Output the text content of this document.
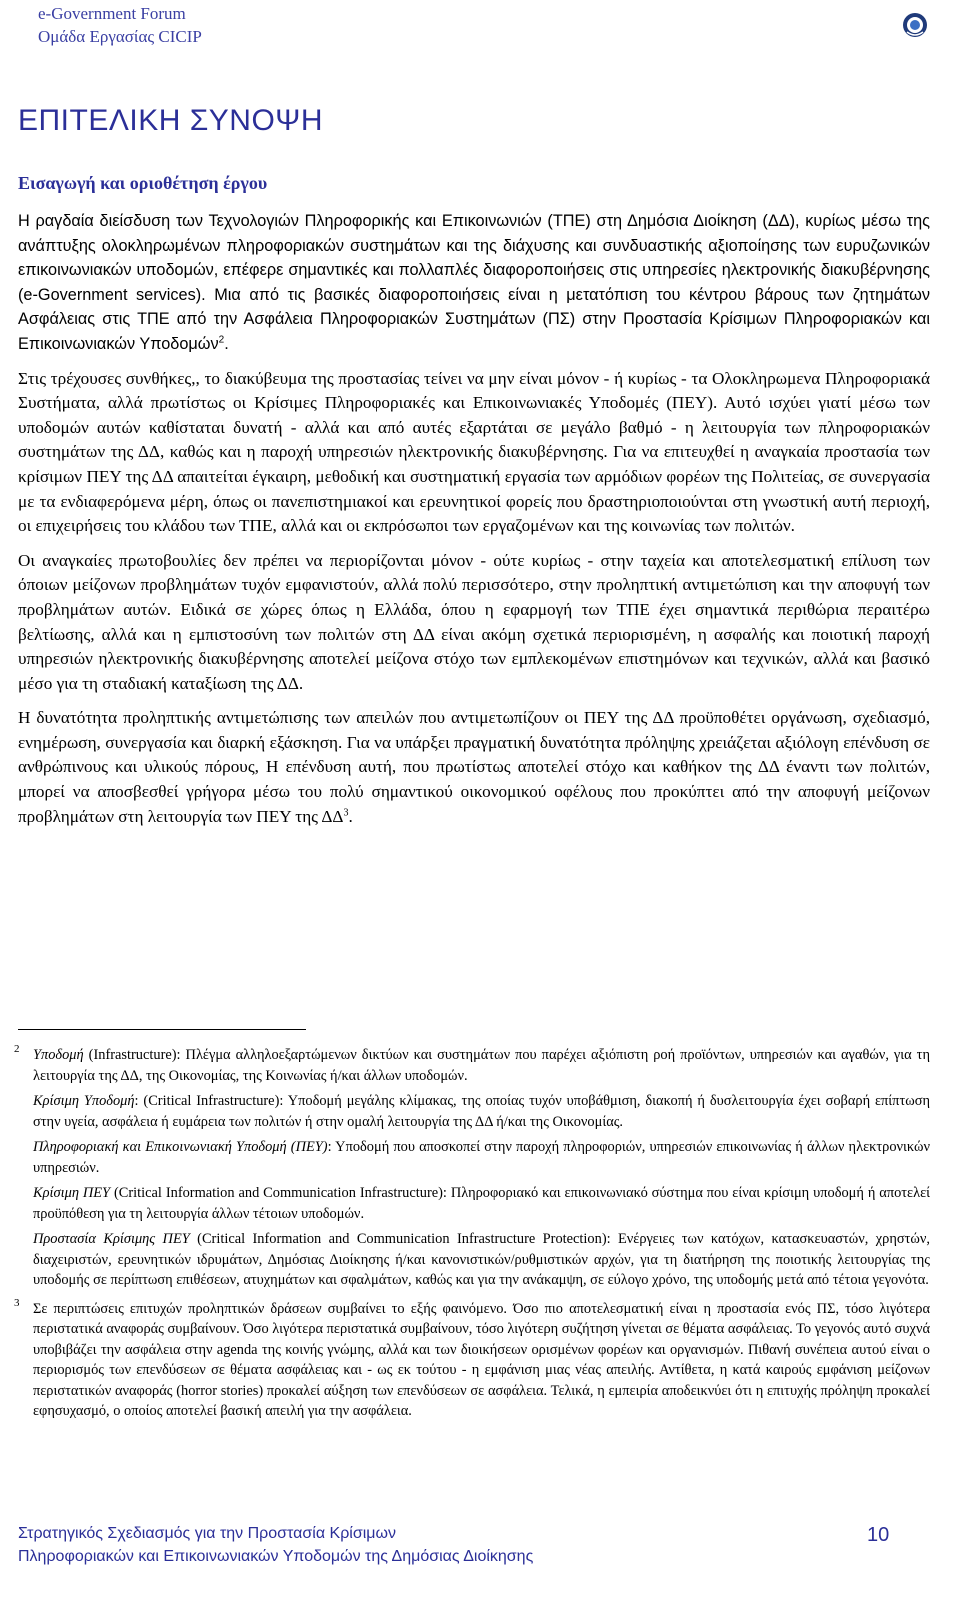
e-Government Forum
Ομάδα Εργασίας CICIP
ΕΠΙΤΕΛΙΚΗ ΣΥΝΟΨΗ
Εισαγωγή και οριοθέτηση έργου

Η ραγδαία διείσδυση των Τεχνολογιών Πληροφορικής και Επικοινωνιών (ΤΠΕ) στη Δημόσια Διοίκηση (ΔΔ), κυρίως μέσω της ανάπτυξης ολοκληρωμένων πληροφοριακών συστημάτων και της διάχυσης και συνδυαστικής αξιοποίησης των ευρυζωνικών επικοινωνιακών υποδομών, επέφερε σημαντικές και πολλαπλές διαφοροποιήσεις στις υπηρεσίες ηλεκτρονικής διακυβέρνησης (e-Government services). Μια από τις βασικές διαφοροποιήσεις είναι η μετατόπιση του κέντρου βάρους των ζητημάτων Ασφάλειας στις ΤΠΕ από την Ασφάλεια Πληροφοριακών Συστημάτων (ΠΣ) στην Προστασία Κρίσιμων Πληροφοριακών και Επικοινωνιακών Υποδομών$^2$.

Στις τρέχουσες συνθήκες,, το διακύβευμα της προστασίας τείνει να μην είναι μόνον - ή κυρίως - τα Ολοκληρωμενα Πληροφοριακά Συστήματα, αλλά πρωτίστως οι Κρίσιμες Πληροφοριακές και Επικοινωνιακές Υποδομές (ΠΕΥ). Αυτό ισχύει γιατί μέσω των υποδομών αυτών καθίσταται δυνατή - αλλά και από αυτές εξαρτάται σε μεγάλο βαθμό - η λειτουργία των πληροφοριακών συστημάτων της ΔΔ, καθώς και η παροχή υπηρεσιών ηλεκτρονικής διακυβέρνησης. Για να επιτευχθεί η αναγκαία προστασία των κρίσιμων ΠΕΥ της ΔΔ απαιτείται έγκαιρη, μεθοδική και συστηματική εργασία των αρμόδιων φορέων της Πολιτείας, σε συνεργασία με τα ενδιαφερόμενα μέρη, όπως οι πανεπιστημιακοί και ερευνητικοί φορείς που δραστηριοποιούνται στη γνωστική αυτή περιοχή, οι επιχειρήσεις του κλάδου των ΤΠΕ, αλλά και οι εκπρόσωποι των εργαζομένων και της κοινωνίας των πολιτών.

Οι αναγκαίες πρωτοβουλίες δεν πρέπει να περιορίζονται μόνον - ούτε κυρίως - στην ταχεία και αποτελεσματική επίλυση των όποιων μείζονων προβλημάτων τυχόν εμφανιστούν, αλλά πολύ περισσότερο, στην προληπτική αντιμετώπιση και την αποφυγή των προβλημάτων αυτών. Ειδικά σε χώρες όπως η Ελλάδα, όπου η εφαρμογή των ΤΠΕ έχει σημαντικά περιθώρια περαιτέρω βελτίωσης, αλλά και η εμπιστοσύνη των πολιτών στη ΔΔ είναι ακόμη σχετικά περιορισμένη, η ασφαλής και ποιοτική παροχή υπηρεσιών ηλεκτρονικής διακυβέρνησης αποτελεί μείζονα στόχο των εμπλεκομένων επιστημόνων και τεχνικών, αλλά και βασικό μέσο για τη σταδιακή καταξίωση της ΔΔ.

Η δυνατότητα προληπτικής αντιμετώπισης των απειλών που αντιμετωπίζουν οι ΠΕΥ της ΔΔ προϋποθέτει οργάνωση, σχεδιασμό, ενημέρωση, συνεργασία και διαρκή εξάσκηση. Για να υπάρξει πραγματική δυνατότητα πρόληψης χρειάζεται αξιόλογη επένδυση σε ανθρώπινους και υλικούς πόρους, Η επένδυση αυτή, που πρωτίστως αποτελεί στόχο και καθήκον της ΔΔ έναντι των πολιτών, μπορεί να αποσβεσθεί γρήγορα μέσω του πολύ σημαντικού οικονομικού οφέλους που προκύπτει από την αποφυγή μείζονων προβλημάτων στη λειτουργία των ΠΕΥ της $\Delta\Delta^3$.

2 Υποδομή (Infrastructure): Πλέγμα αλληλοεξαρτώμενων δικτύων και συστημάτων που παρέχει αξιόπιστη ροή προϊόντων, υπηρεσιών και αγαθών, για τη λειτουργία της ΔΔ, της Οικονομίας, της Κοινωνίας ή/και άλλων υποδομών.

Κρίσιμη Υποδομή: (Critical Infrastructure): Υποδομή μεγάλης κλίμακας, της οποίας τυχόν υποβάθμιση, διακοπή ή δυσλειτουργία έχει σοβαρή επίπτωση στην υγεία, ασφάλεια ή ευμάρεια των πολιτών ή στην ομαλή λειτουργία της ΔΔ ή/και της Οικονομίας.

Πληροφοριακή και Επικοινωνιακή Υποδομή (ΠΕΥ): Υποδομή που αποσκοπεί στην παροχή πληροφοριών, υπηρεσιών επικοινωνίας ή άλλων ηλεκτρονικών υπηρεσιών.

Κρίσιμη ΠΕΥ (Critical Information and Communication Infrastructure): Πληροφοριακό και επικοινωνιακό σύστημα που είναι κρίσιμη υποδομή ή αποτελεί προϋπόθεση για τη λειτουργία άλλων τέτοιων υποδομών.

Προστασία Κρίσιμης ΠΕΥ (Critical Information and Communication Infrastructure Protection): Ενέργειες των κατόχων, κατασκευαστών, χρηστών, διαχειριστών, ερευνητικών ιδρυμάτων, Δημόσιας Διοίκησης ή/και κανονιστικών/ρυθμιστικών αρχών, για τη διατήρηση της ποιοτικής λειτουργίας της υποδομής σε περίπτωση επιθέσεων, ατυχημάτων και σφαλμάτων, καθώς και για την ανάκαμψη, σε εύλογο χρόνο, της υποδομής μετά από τέτοια γεγονότα.

3 Σε περιπτώσεις επιτυχών προληπτικών δράσεων συμβαίνει το εξής φαινόμενο. Όσο πιο αποτελεσματική είναι η προστασία ενός ΠΣ, τόσο λιγότερα περιστατικά αναφοράς συμβαίνουν. Όσο λιγότερα περιστατικά συμβαίνουν, τόσο λιγότερη συζήτηση γίνεται σε θέματα ασφάλειας. Το γεγονός αυτό συχνά υποβιβάζει την ασφάλεια στην agenda της κοινής γνώμης, αλλά και των διοικήσεων ορισμένων φορέων και οργανισμών. Πιθανή συνέπεια αυτού είναι ο περιορισμός των επενδύσεων σε θέματα ασφάλειας και - ως εκ τούτου - η εμφάνιση μιας νέας απειλής. Αντίθετα, η κατά καιρούς εμφάνιση μείζονων περιστατικών αναφοράς (horror stories) προκαλεί αύξηση των επενδύσεων σε ασφάλεια. Τελικά, η εμπειρία αποδεικνύει ότι η επιτυχής πρόληψη προκαλεί εφησυχασμό, ο οποίος αποτελεί βασική απειλή για την ασφάλεια.

Στρατηγικός Σχεδιασμός για την Προστασία Κρίσιμων
Πληροφοριακών και Επικοινωνιακών Υποδομών της Δημόσιας Διοίκησης
10
